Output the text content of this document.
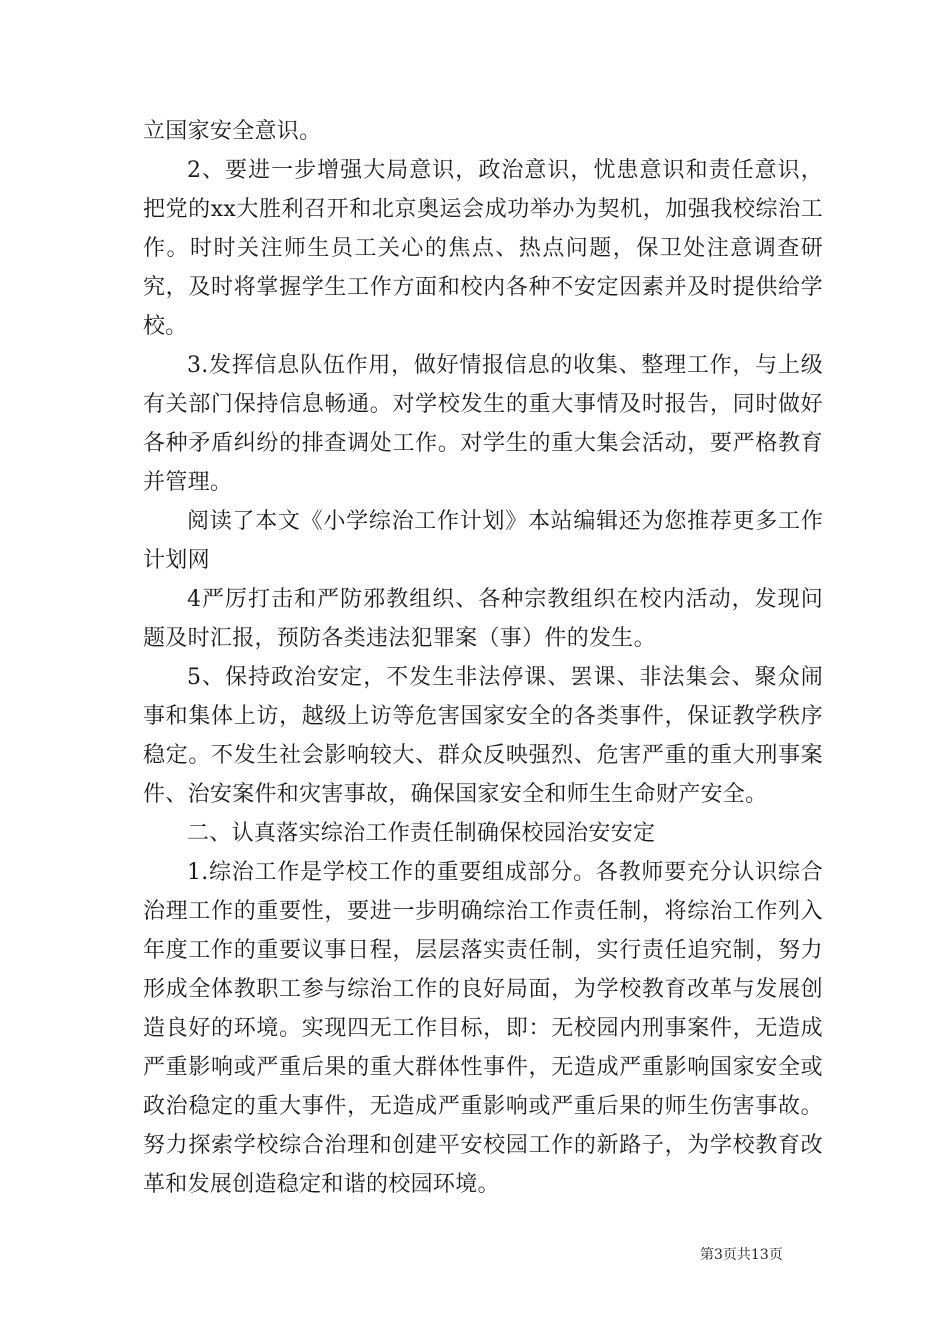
立国家安全意识。

2、要进一步增强大局意识，政治意识，忧患意识和责任意识，把党的xx大胜利召开和北京奥运会成功举办为契机，加强我校综治工作。时时关注师生员工关心的焦点、热点问题，保卫处注意调查研究，及时将掌握学生工作方面和校内各种不安定因素并及时提供给学校。

3.发挥信息队伍作用，做好情报信息的收集、整理工作，与上级有关部门保持信息畅通。对学校发生的重大事情及时报告，同时做好各种矛盾纠纷的排查调处工作。对学生的重大集会活动，要严格教育并管理。

阅读了本文《小学综治工作计划》本站编辑还为您推荐更多工作计划网

4严厉打击和严防邪教组织、各种宗教组织在校内活动，发现问题及时汇报，预防各类违法犯罪案（事）件的发生。

5、保持政治安定，不发生非法停课、罢课、非法集会、聚众闹事和集体上访，越级上访等危害国家安全的各类事件，保证教学秩序稳定。不发生社会影响较大、群众反映强烈、危害严重的重大刑事案件、治安案件和灾害事故，确保国家安全和师生生命财产安全。

二、认真落实综治工作责任制确保校园治安安定

1.综治工作是学校工作的重要组成部分。各教师要充分认识综合治理工作的重要性，要进一步明确综治工作责任制，将综治工作列入年度工作的重要议事日程，层层落实责任制，实行责任追究制，努力形成全体教职工参与综治工作的良好局面，为学校教育改革与发展创造良好的环境。实现四无工作目标，即：无校园内刑事案件，无造成严重影响或严重后果的重大群体性事件，无造成严重影响国家安全或政治稳定的重大事件，无造成严重影响或严重后果的师生伤害事故。努力探索学校综合治理和创建平安校园工作的新路子，为学校教育改革和发展创造稳定和谐的校园环境。

第3页共13页
